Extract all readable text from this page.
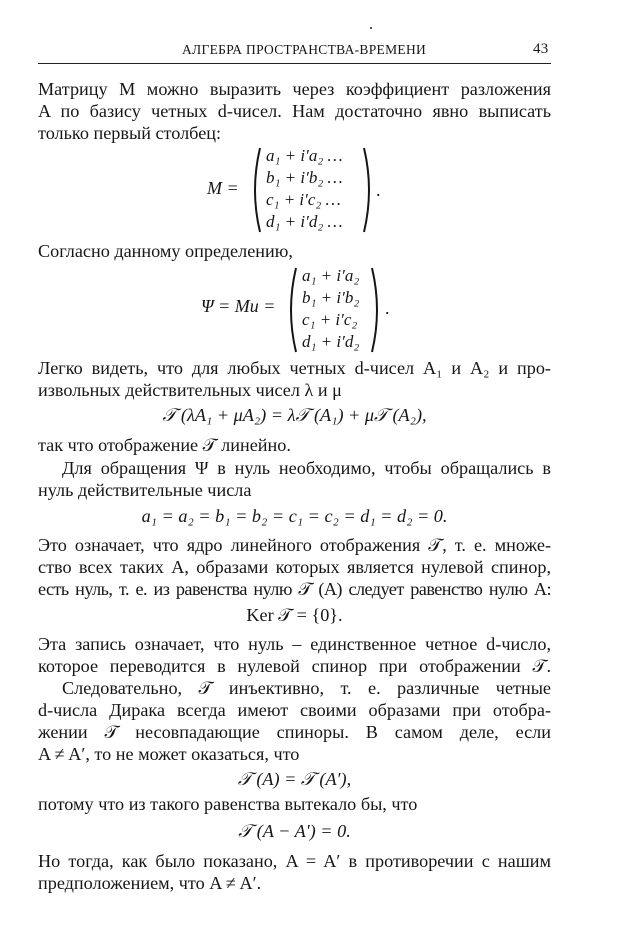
АЛГЕБРА ПРОСТРАНСТВА-ВРЕМЕНИ	43
Матрицу M можно выразить через коэффициент разложения
A по базису четных d-чисел. Нам достаточно явно выписать
только первый столбец:
M =
a₁ + i′a₂ …
b₁ + i′b₂ …
c₁ + i′c₂ …
d₁ + i′d₂ …
.
Согласно данному определению,
Ψ = Mu =
a₁ + i′a₂
b₁ + i′b₂
c₁ + i′c₂
d₁ + i′d₂
.
Легко видеть, что для любых четных d-чисел A₁ и A₂ и про-
извольных действительных чисел λ и μ
𝒯 (λA₁ + μA₂) = λ𝒯 (A₁) + μ𝒯 (A₂),
так что отображение 𝒯 линейно.
Для обращения Ψ в нуль необходимо, чтобы обращались в
нуль действительные числа
a₁ = a₂ = b₁ = b₂ = c₁ = c₂ = d₁ = d₂ = 0.
Это означает, что ядро линейного отображения 𝒯, т. е. множе-
ство всех таких A, образами которых является нулевой спинор,
есть нуль, т. е. из равенства нулю 𝒯 (A) следует равенство нулю A:
Ker 𝒯 = {0}.
Эта запись означает, что нуль – единственное четное d-число,
которое переводится в нулевой спинор при отображении 𝒯.
Следовательно, 𝒯 инъективно, т. е. различные четные
d-числа Дирака всегда имеют своими образами при отобра-
жении 𝒯 несовпадающие спиноры. В самом деле, если
A ≠ A′, то не может оказаться, что
𝒯 (A) = 𝒯 (A′),
потому что из такого равенства вытекало бы, что
𝒯 (A − A′) = 0.
Но тогда, как было показано, A = A′ в противоречии с нашим
предположением, что A ≠ A′.
